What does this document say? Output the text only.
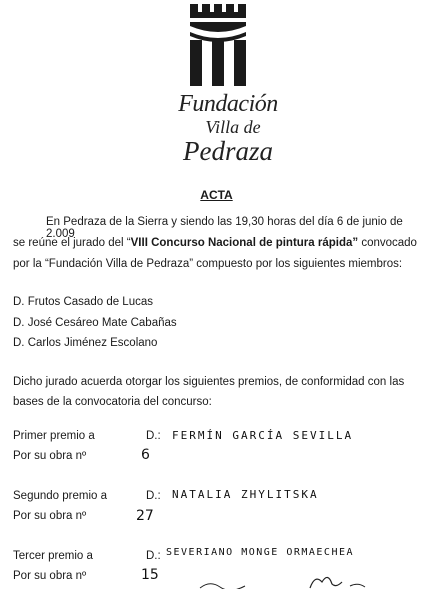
Fundación
Villa de
Pedraza
ACTA
En Pedraza de la Sierra y siendo las 19,30 horas del día 6 de junio de 2.009
se reúne el jurado del “VIII Concurso Nacional de pintura rápida” convocado
por la “Fundación Villa de Pedraza” compuesto por los siguientes miembros:
D. Frutos Casado de Lucas
D. José Cesáreo Mate Cabañas
D. Carlos Jiménez Escolano
Dicho jurado acuerda otorgar los siguientes premios, de conformidad con las
bases de la convocatoria del concurso:
Primer premio a	D.: FERMÍN GARCÍA SEVILLA
Por su obra nº	6
Segundo premio a	D.: NATALIA ZHYLITSKA
Por su obra nº	27
Tercer premio a	D.: SEVERIANO MONGE ORMAECHEA
Por su obra nº	15
